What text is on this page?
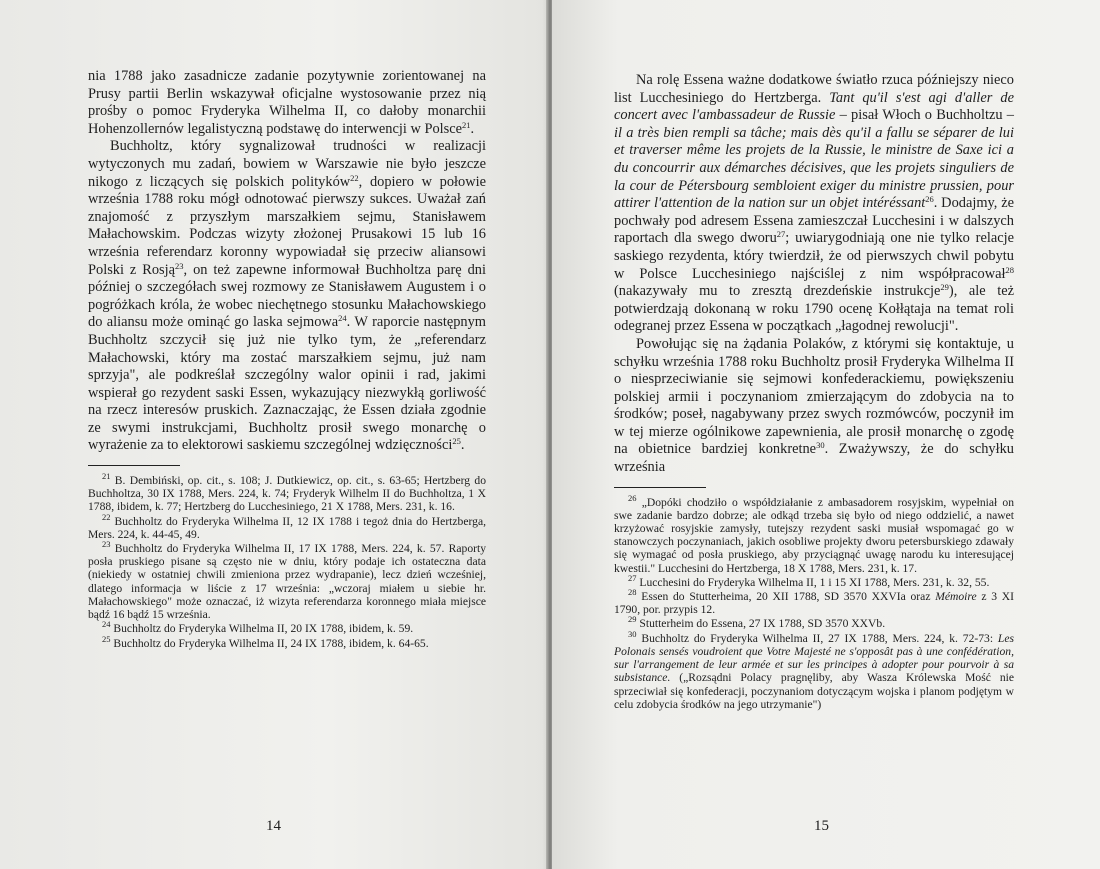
nia 1788 jako zasadnicze zadanie pozytywnie zorientowanej na Prusy partii Berlin wskazywał oficjalne wystosowanie przez nią prośby o pomoc Fryderyka Wilhelma II, co dałoby monarchii Hohenzollernów legalistyczną podstawę do interwencji w Polsce$^{21}$.

Buchholtz, który sygnalizował trudności w realizacji wytyczonych mu zadań, bowiem w Warszawie nie było jeszcze nikogo z liczących się polskich polityków$^{22}$, dopiero w połowie września 1788 roku mógł odnotować pierwszy sukces. Uważał zań znajomość z przyszłym marszałkiem sejmu, Stanisławem Małachowskim. Podczas wizyty złożonej Prusakowi 15 lub 16 września referendarz koronny wypowiadał się przeciw aliansowi Polski z Rosją$^{23}$, on też zapewne informował Buchholtza parę dni później o szczegółach swej rozmowy ze Stanisławem Augustem i o pogróżkach króla, że wobec niechętnego stosunku Małachowskiego do aliansu może ominąć go laska sejmowa$^{24}$. W raporcie następnym Buchholtz szczycił się już nie tylko tym, że „referendarz Małachowski, który ma zostać marszałkiem sejmu, już nam sprzyja", ale podkreślał szczególny walor opinii i rad, jakimi wspierał go rezydent saski Essen, wykazujący niezwykłą gorliwość na rzecz interesów pruskich. Zaznaczając, że Essen działa zgodnie ze swymi instrukcjami, Buchholtz prosił swego monarchę o wyrażenie za to elektorowi saskiemu szczególnej wdzięczności$^{25}$.

$^{21}$ B. Dembiński, op. cit., s. 108; J. Dutkiewicz, op. cit., s. 63-65; Hertzberg do Buchholtza, 30 IX 1788, Mers. 224, k. 74; Fryderyk Wilhelm II do Buchholtza, 1 X 1788, ibidem, k. 77; Hertzberg do Lucchesiniego, 21 X 1788, Mers. 231, k. 16.

$^{22}$ Buchholtz do Fryderyka Wilhelma II, 12 IX 1788 i tegoż dnia do Hertzberga, Mers. 224, k. 44-45, 49.

$^{23}$ Buchholtz do Fryderyka Wilhelma II, 17 IX 1788, Mers. 224, k. 57. Raporty posła pruskiego pisane są często nie w dniu, który podaje ich ostateczna data (niekiedy w ostatniej chwili zmieniona przez wydrapanie), lecz dzień wcześniej, dlatego informacja w liście z 17 września: „wczoraj miałem u siebie hr. Małachowskiego" może oznaczać, iż wizyta referendarza koronnego miała miejsce bądź 16 bądź 15 września.

$^{24}$ Buchholtz do Fryderyka Wilhelma II, 20 IX 1788, ibidem, k. 59.

$^{25}$ Buchholtz do Fryderyka Wilhelma II, 24 IX 1788, ibidem, k. 64-65.

14

Na rolę Essena ważne dodatkowe światło rzuca późniejszy nieco list Lucchesiniego do Hertzberga. Tant qu'il s'est agi d'aller de concert avec l'ambassadeur de Russie – pisał Włoch o Buchholtzu – il a très bien rempli sa tâche; mais dès qu'il a fallu se séparer de lui et traverser même les projets de la Russie, le ministre de Saxe ici a du concourrir aux démarches décisives, que les projets singuliers de la cour de Pétersbourg sembloient exiger du ministre prussien, pour attirer l'attention de la nation sur un objet intéréssant$^{26}$. Dodajmy, że pochwały pod adresem Essena zamieszczał Lucchesini i w dalszych raportach dla swego dworu$^{27}$; uwiarygodniają one nie tylko relacje saskiego rezydenta, który twierdził, że od pierwszych chwil pobytu w Polsce Lucchesiniego najściślej z nim współpracował$^{28}$ (nakazywały mu to zresztą drezdeńskie instrukcje$^{29}$), ale też potwierdzają dokonaną w roku 1790 ocenę Kołłątaja na temat roli odegranej przez Essena w początkach „łagodnej rewolucji".

Powołując się na żądania Polaków, z którymi się kontaktuje, u schyłku września 1788 roku Buchholtz prosił Fryderyka Wilhelma II o niesprzeciwianie się sejmowi konfederackiemu, powiększeniu polskiej armii i poczynaniom zmierzającym do zdobycia na to środków; poseł, nagabywany przez swych rozmówców, poczynił im w tej mierze ogólnikowe zapewnienia, ale prosił monarchę o zgodę na obietnice bardziej konkretne$^{30}$. Zważywszy, że do schyłku września

$^{26}$ „Dopóki chodziło o współdziałanie z ambasadorem rosyjskim, wypełniał on swe zadanie bardzo dobrze; ale odkąd trzeba się było od niego oddzielić, a nawet krzyżować rosyjskie zamysły, tutejszy rezydent saski musiał wspomagać go w stanowczych poczynaniach, jakich osobliwe projekty dworu petersburskiego zdawały się wymagać od posła pruskiego, aby przyciągnąć uwagę narodu ku interesującej kwestii." Lucchesini do Hertzberga, 18 X 1788, Mers. 231, k. 17.

$^{27}$ Lucchesini do Fryderyka Wilhelma II, 1 i 15 XI 1788, Mers. 231, k. 32, 55.

$^{28}$ Essen do Stutterheima, 20 XII 1788, SD 3570 XXVIa oraz Mémoire z 3 XI 1790, por. przypis 12.

$^{29}$ Stutterheim do Essena, 27 IX 1788, SD 3570 XXVb.

$^{30}$ Buchholtz do Fryderyka Wilhelma II, 27 IX 1788, Mers. 224, k. 72-73: Les Polonais sensés voudroient que Votre Majesté ne s'opposât pas à une confédération, sur l'arrangement de leur armée et sur les principes à adopter pour pourvoir à sa subsistance. („Rozsądni Polacy pragnęliby, aby Wasza Królewska Mość nie sprzeciwiał się konfederacji, poczynaniom dotyczącym wojska i planom podjętym w celu zdobycia środków na jego utrzymanie")

15
